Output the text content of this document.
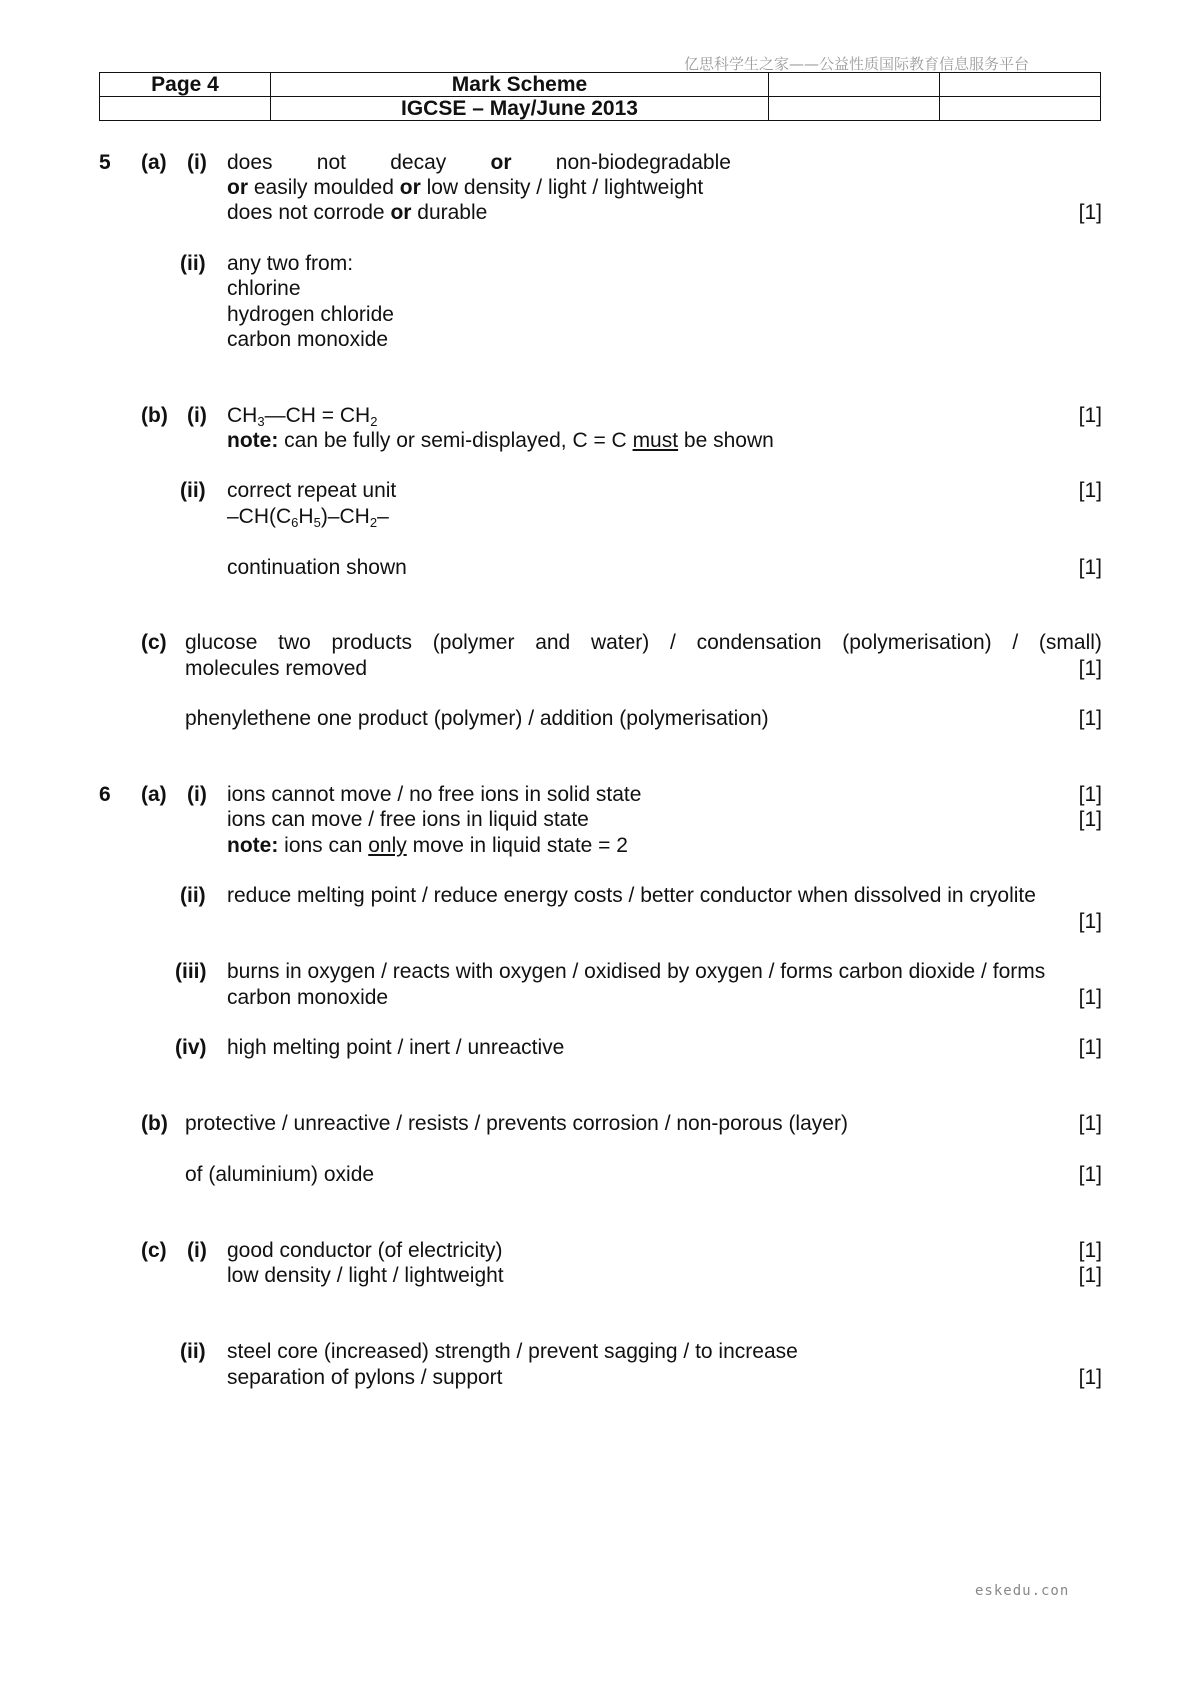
亿思科学生之家——公益性质国际教育信息服务平台
Page 4	Mark Scheme		
	IGCSE – May/June 2013		
5 (a) (i) does not decay or non-biodegradable
or easily moulded or low density / light / lightweight
does not corrode or durable	[1]
(ii) any two from:
chlorine
hydrogen chloride
carbon monoxide
(b) (i) $CH_3—CH = CH_2$	[1]
note: can be fully or semi-displayed, C = C must be shown
(ii) correct repeat unit	[1]
$-CH(C_6H_5)-CH_2-$
continuation shown	[1]
(c) glucose two products (polymer and water) / condensation (polymerisation) / (small)
molecules removed	[1]
phenylethene one product (polymer) / addition (polymerisation)	[1]
6 (a) (i) ions cannot move / no free ions in solid state	[1]
ions can move / free ions in liquid state	[1]
note: ions can only move in liquid state = 2
(ii) reduce melting point / reduce energy costs / better conductor when dissolved in cryolite
[1]
(iii) burns in oxygen / reacts with oxygen / oxidised by oxygen / forms carbon dioxide / forms
carbon monoxide	[1]
(iv) high melting point / inert / unreactive	[1]
(b) protective / unreactive / resists / prevents corrosion / non-porous (layer)	[1]
of (aluminium) oxide	[1]
(c) (i) good conductor (of electricity)	[1]
low density / light / lightweight	[1]
(ii) steel core (increased) strength / prevent sagging / to increase
separation of pylons / support	[1]
eskedu.con
